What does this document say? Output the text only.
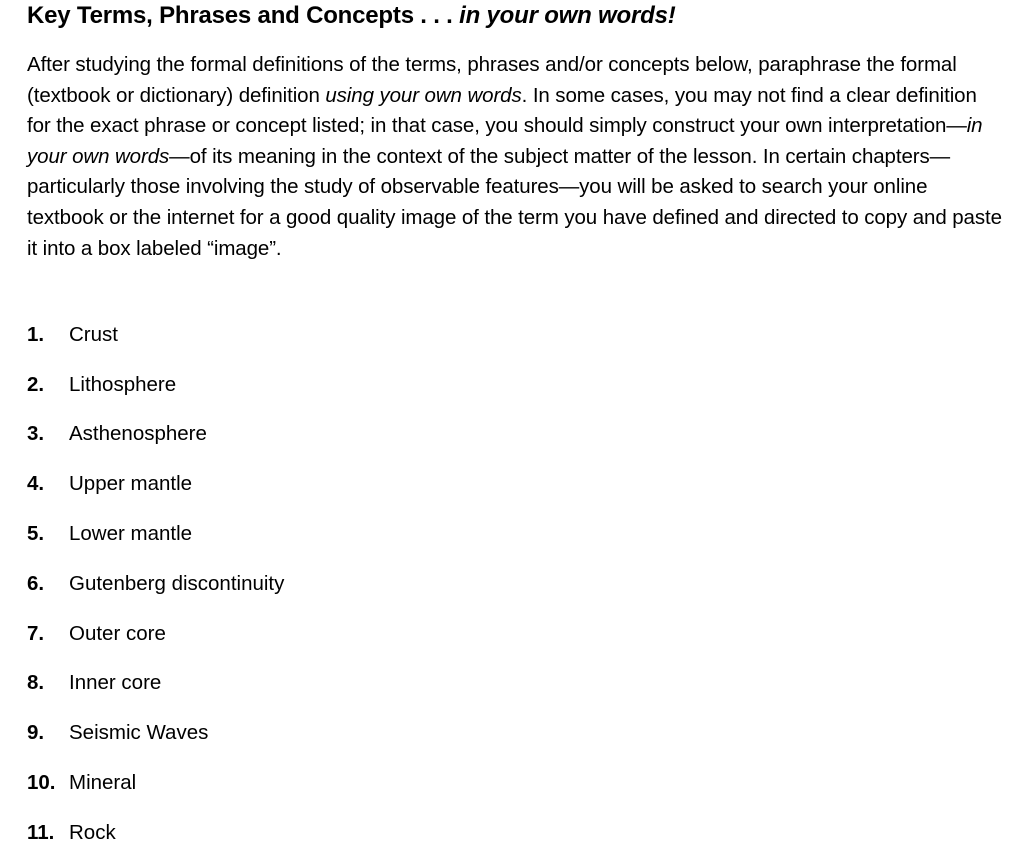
Key Terms, Phrases and Concepts . . . in your own words!

After studying the formal definitions of the terms, phrases and/or concepts below, paraphrase the formal (textbook or dictionary) definition using your own words. In some cases, you may not find a clear definition for the exact phrase or concept listed; in that case, you should simply construct your own interpretation—in your own words—of its meaning in the context of the subject matter of the lesson. In certain chapters—particularly those involving the study of observable features—you will be asked to search your online textbook or the internet for a good quality image of the term you have defined and directed to copy and paste it into a box labeled “image”.

1.	Crust
2.	Lithosphere
3.	Asthenosphere
4.	Upper mantle
5.	Lower mantle
6.	Gutenberg discontinuity
7.	Outer core
8.	Inner core
9.	Seismic Waves
10. Mineral
11. Rock
